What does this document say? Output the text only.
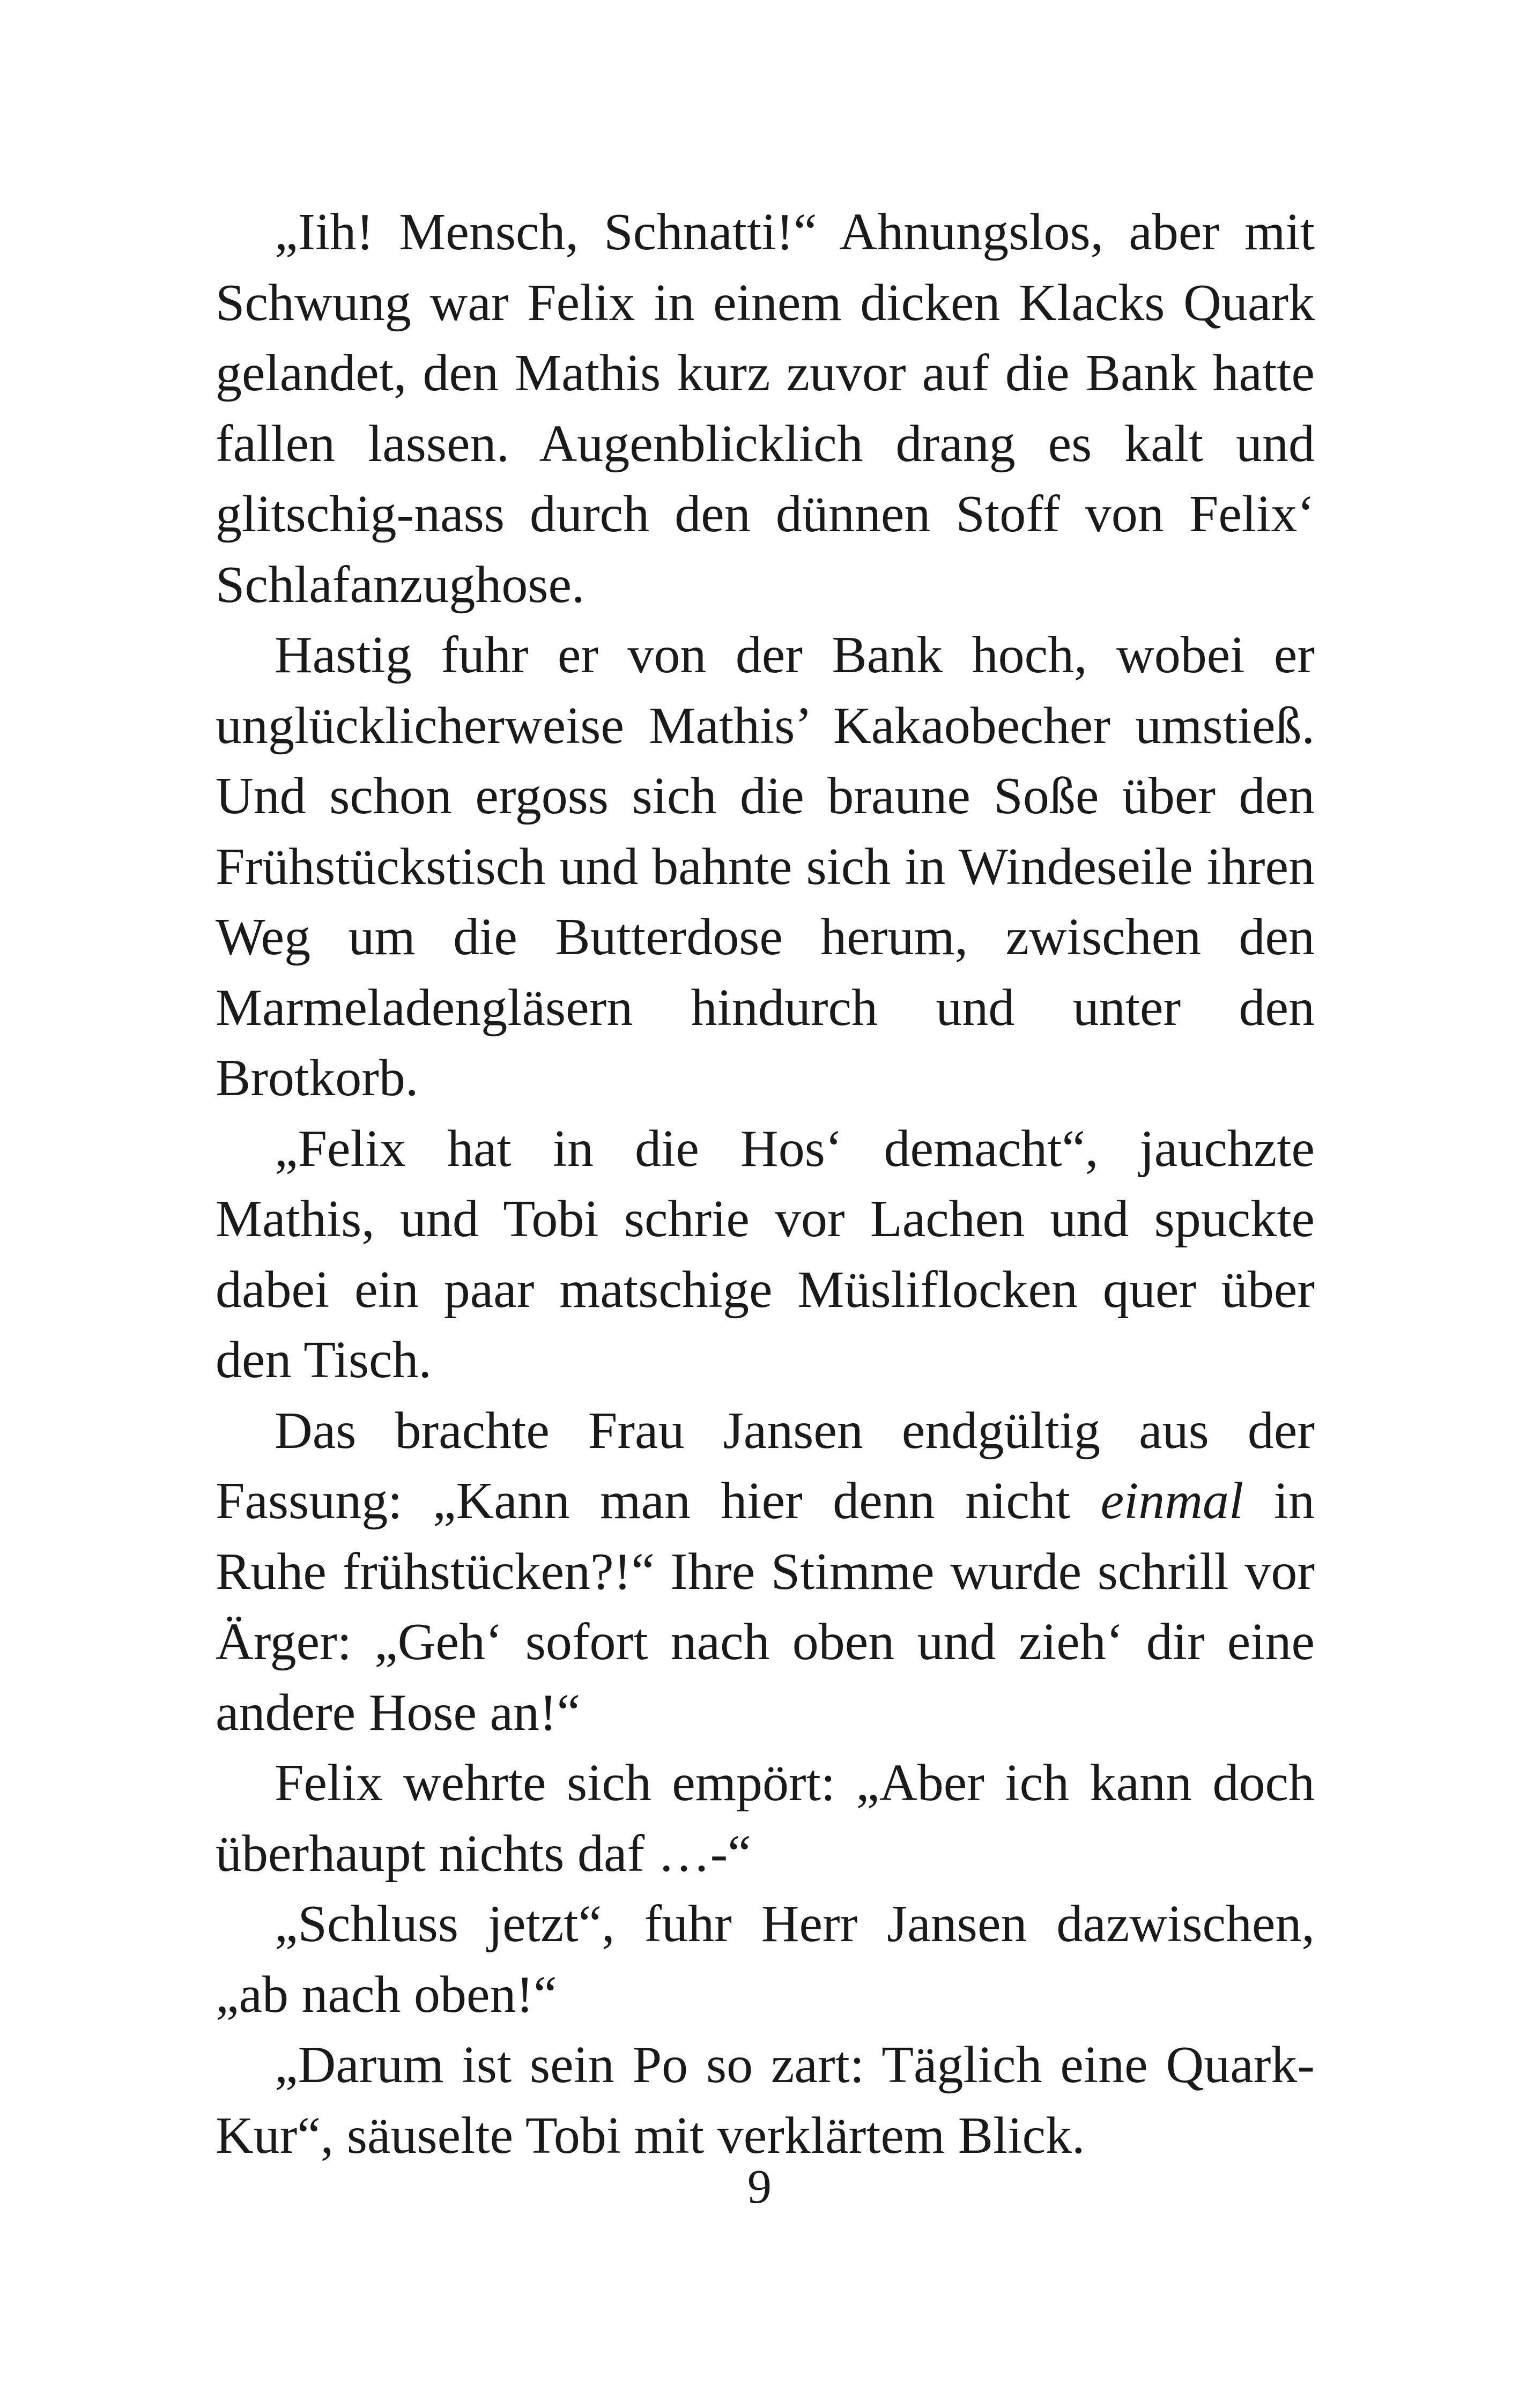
„Iih! Mensch, Schnatti!“ Ahnungslos, aber mit Schwung war Felix in einem dicken Klacks Quark gelandet, den Mathis kurz zuvor auf die Bank hatte fallen lassen. Augenblicklich drang es kalt und glitschig-nass durch den dünnen Stoff von Felix‘ Schlafanzughose.

Hastig fuhr er von der Bank hoch, wobei er unglücklicherweise Mathis’ Kakaobecher umstieß. Und schon ergoss sich die braune Soße über den Frühstückstisch und bahnte sich in Windeseile ihren Weg um die Butterdose herum, zwischen den Marmeladengläsern hindurch und unter den Brotkorb.

„Felix hat in die Hos‘ demacht“, jauchzte Mathis, und Tobi schrie vor Lachen und spuckte dabei ein paar matschige Müsliflocken quer über den Tisch.

Das brachte Frau Jansen endgültig aus der Fassung: „Kann man hier denn nicht einmal in Ruhe frühstücken?!“ Ihre Stimme wurde schrill vor Ärger: „Geh‘ sofort nach oben und zieh‘ dir eine andere Hose an!“

Felix wehrte sich empört: „Aber ich kann doch überhaupt nichts daf …-“

„Schluss jetzt“, fuhr Herr Jansen dazwischen, „ab nach oben!“

„Darum ist sein Po so zart: Täglich eine Quark-Kur“, säuselte Tobi mit verklärtem Blick.

9
